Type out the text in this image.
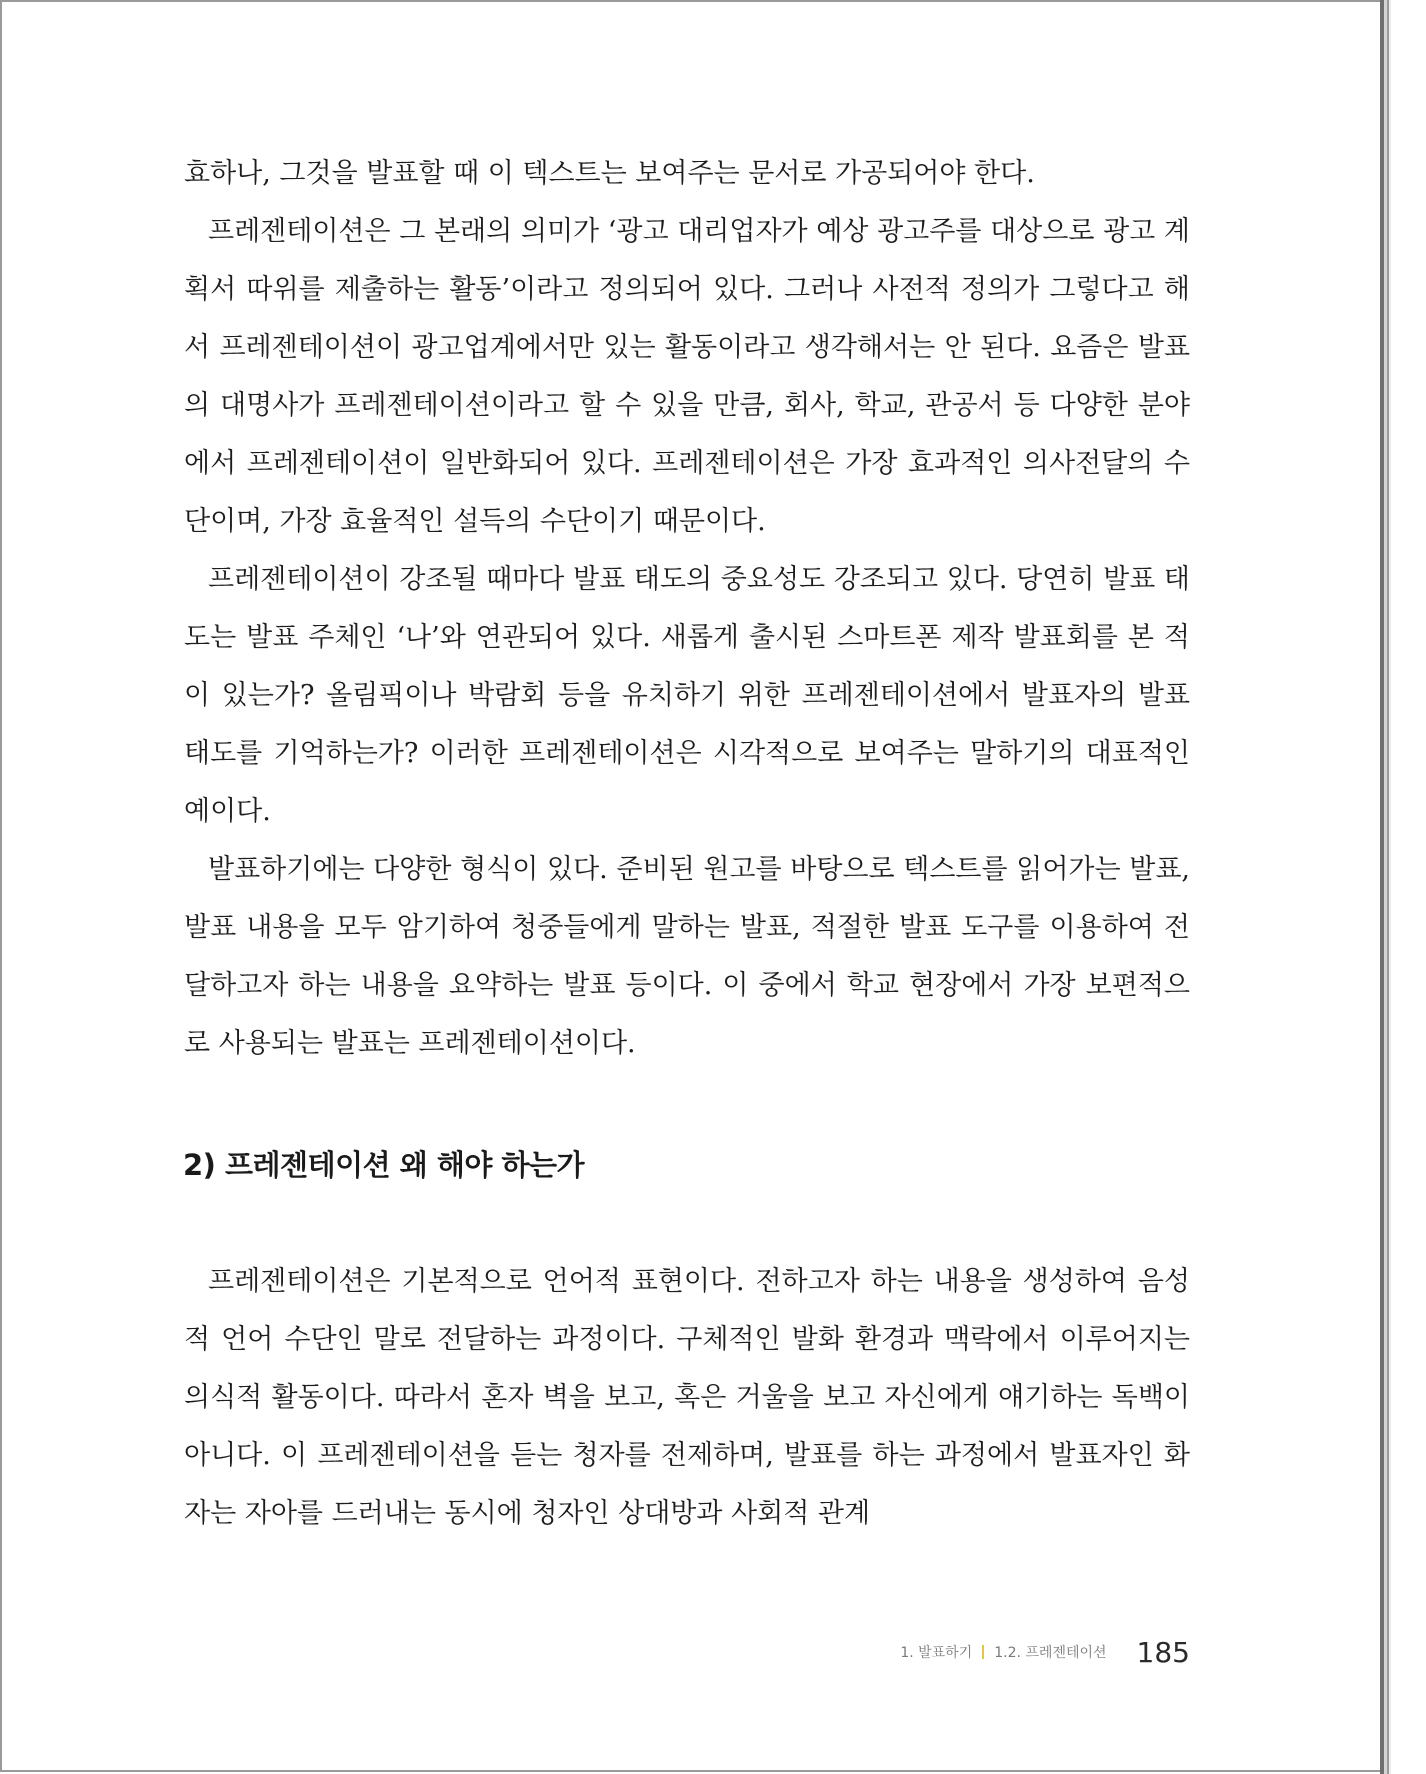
효하나, 그것을 발표할 때 이 텍스트는 보여주는 문서로 가공되어야 한다.

프레젠테이션은 그 본래의 의미가 ‘광고 대리업자가 예상 광고주를 대상으로 광고 계획서 따위를 제출하는 활동’이라고 정의되어 있다. 그러나 사전적 정의가 그렇다고 해서 프레젠테이션이 광고업계에서만 있는 활동이라고 생각해서는 안 된다. 요즘은 발표의 대명사가 프레젠테이션이라고 할 수 있을 만큼, 회사, 학교, 관공서 등 다양한 분야에서 프레젠테이션이 일반화되어 있다. 프레젠테이션은 가장 효과적인 의사전달의 수단이며, 가장 효율적인 설득의 수단이기 때문이다.

프레젠테이션이 강조될 때마다 발표 태도의 중요성도 강조되고 있다. 당연히 발표 태도는 발표 주체인 ‘나’와 연관되어 있다. 새롭게 출시된 스마트폰 제작 발표회를 본 적이 있는가? 올림픽이나 박람회 등을 유치하기 위한 프레젠테이션에서 발표자의 발표 태도를 기억하는가? 이러한 프레젠테이션은 시각적으로 보여주는 말하기의 대표적인 예이다.

발표하기에는 다양한 형식이 있다. 준비된 원고를 바탕으로 텍스트를 읽어가는 발표, 발표 내용을 모두 암기하여 청중들에게 말하는 발표, 적절한 발표 도구를 이용하여 전달하고자 하는 내용을 요약하는 발표 등이다. 이 중에서 학교 현장에서 가장 보편적으로 사용되는 발표는 프레젠테이션이다.

2) 프레젠테이션 왜 해야 하는가

프레젠테이션은 기본적으로 언어적 표현이다. 전하고자 하는 내용을 생성하여 음성적 언어 수단인 말로 전달하는 과정이다. 구체적인 발화 환경과 맥락에서 이루어지는 의식적 활동이다. 따라서 혼자 벽을 보고, 혹은 거울을 보고 자신에게 얘기하는 독백이 아니다. 이 프레젠테이션을 듣는 청자를 전제하며, 발표를 하는 과정에서 발표자인 화자는 자아를 드러내는 동시에 청자인 상대방과 사회적 관계

1. 발표하기 1.2. 프레젠테이션 185
